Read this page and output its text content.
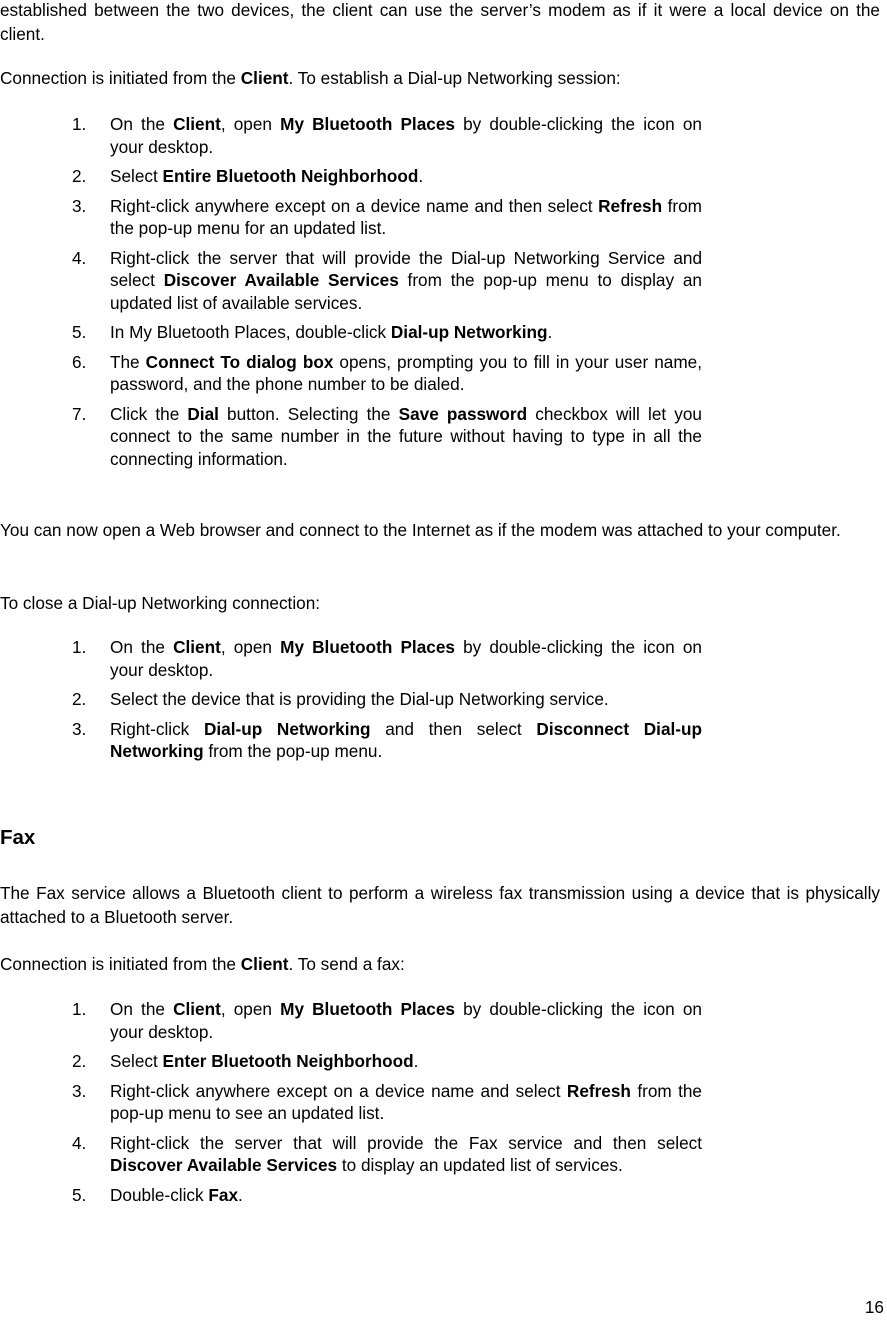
established between the two devices, the client can use the server’s modem as if it were a local device on the client.

Connection is initiated from the Client. To establish a Dial-up Networking session:

1. On the Client, open My Bluetooth Places by double-clicking the icon on your desktop.
2. Select Entire Bluetooth Neighborhood.
3. Right-click anywhere except on a device name and then select Refresh from the pop-up menu for an updated list.
4. Right-click the server that will provide the Dial-up Networking Service and select Discover Available Services from the pop-up menu to display an updated list of available services.
5. In My Bluetooth Places, double-click Dial-up Networking.
6. The Connect To dialog box opens, prompting you to fill in your user name, password, and the phone number to be dialed.
7. Click the Dial button. Selecting the Save password checkbox will let you connect to the same number in the future without having to type in all the connecting information.

You can now open a Web browser and connect to the Internet as if the modem was attached to your computer.

To close a Dial-up Networking connection:

1. On the Client, open My Bluetooth Places by double-clicking the icon on your desktop.
2. Select the device that is providing the Dial-up Networking service.
3. Right-click Dial-up Networking and then select Disconnect Dial-up Networking from the pop-up menu.
Fax

The Fax service allows a Bluetooth client to perform a wireless fax transmission using a device that is physically attached to a Bluetooth server.

Connection is initiated from the Client. To send a fax:

1. On the Client, open My Bluetooth Places by double-clicking the icon on your desktop.
2. Select Enter Bluetooth Neighborhood.
3. Right-click anywhere except on a device name and select Refresh from the pop-up menu to see an updated list.
4. Right-click the server that will provide the Fax service and then select Discover Available Services to display an updated list of services.
5. Double-click Fax.
16
